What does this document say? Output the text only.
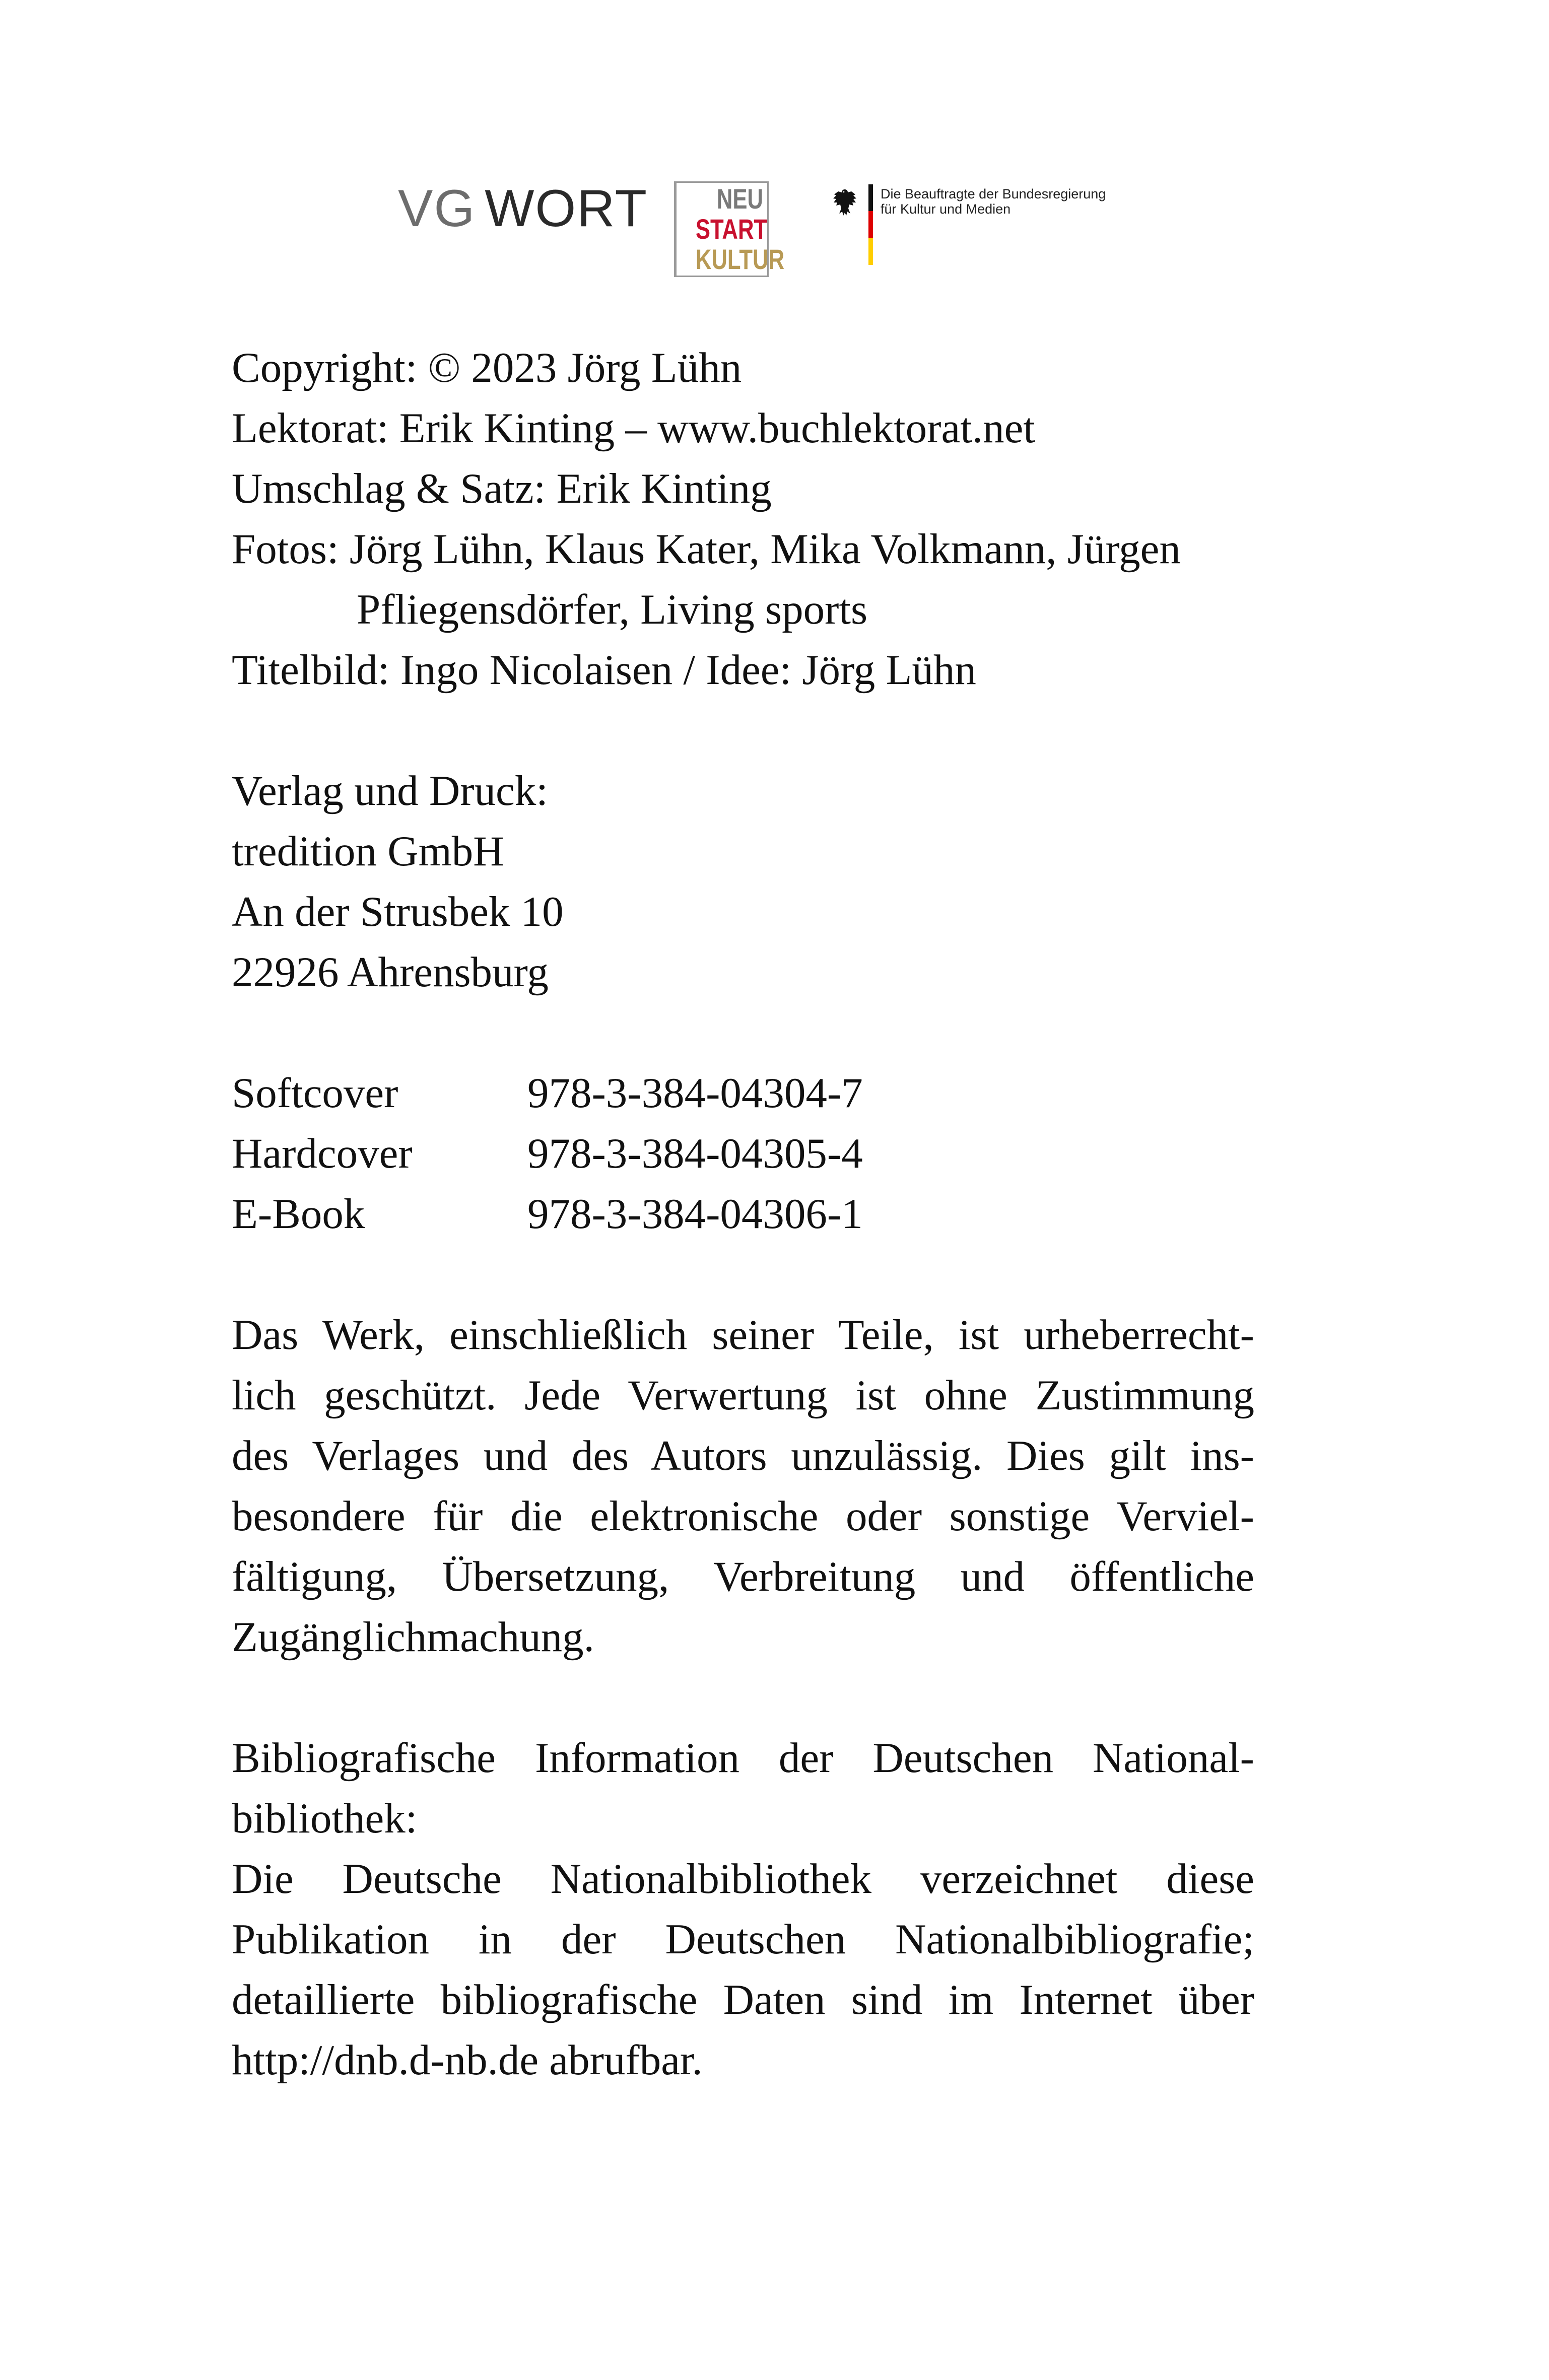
VG WORT	NEU
START
KULTUR
Die Beauftragte der Bundesregierung
für Kultur und Medien
Copyright: © 2023 Jörg Lühn
Lektorat: Erik Kinting – www.buchlektorat.net
Umschlag & Satz: Erik Kinting
Fotos: Jörg Lühn, Klaus Kater, Mika Volkmann, Jürgen
Pfliegensdörfer, Living sports
Titelbild: Ingo Nicolaisen / Idee: Jörg Lühn
Verlag und Druck:
tredition GmbH
An der Strusbek 10
22926 Ahrensburg
Softcover	978-3-384-04304-7
Hardcover	978-3-384-04305-4
E-Book	978-3-384-04306-1
Das Werk, einschließlich seiner Teile, ist urheberrecht-
lich geschützt. Jede Verwertung ist ohne Zustimmung
des Verlages und des Autors unzulässig. Dies gilt ins-
besondere für die elektronische oder sonstige Verviel-
fältigung, Übersetzung, Verbreitung und öffentliche
Zugänglichmachung.
Bibliografische Information der Deutschen National-
bibliothek:
Die Deutsche Nationalbibliothek verzeichnet diese
Publikation in der Deutschen Nationalbibliografie;
detaillierte bibliografische Daten sind im Internet über
http://dnb.d-nb.de abrufbar.
